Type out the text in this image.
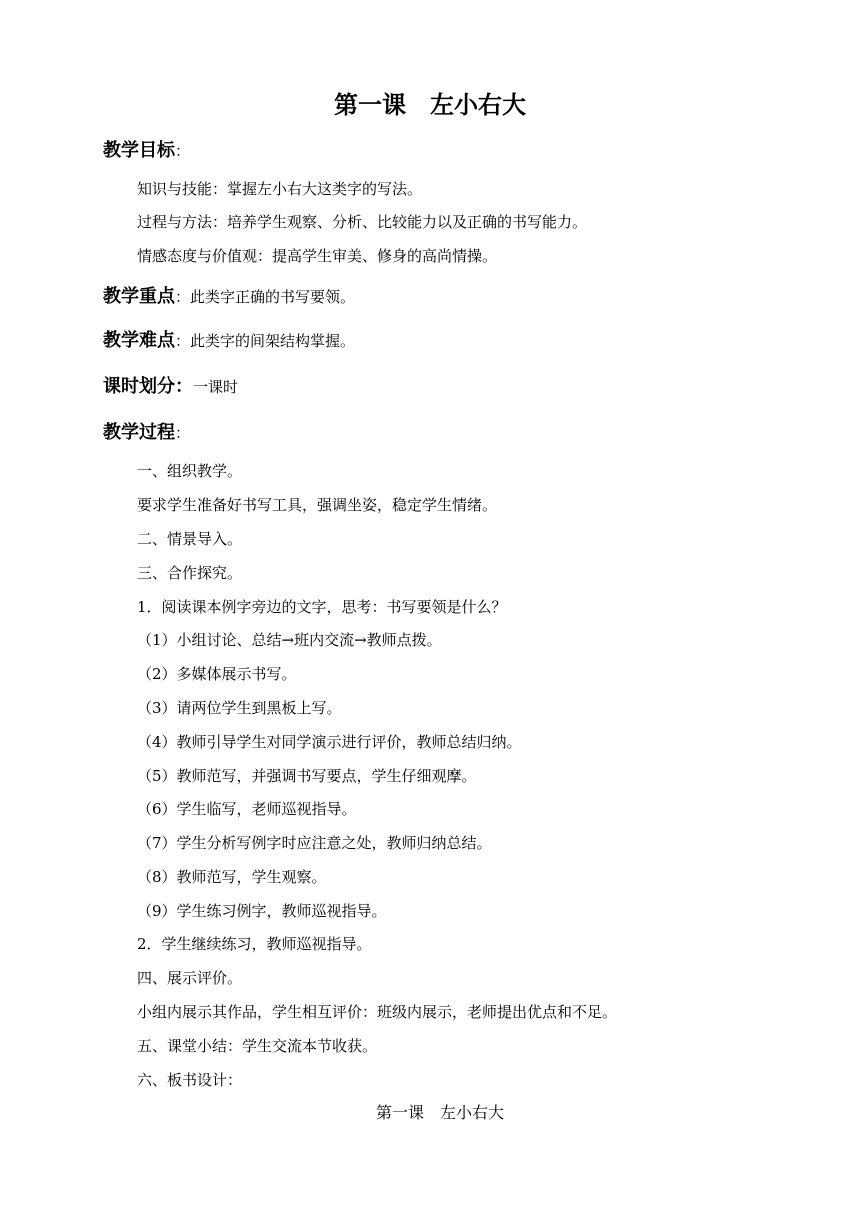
第一课　左小右大
教学目标：
知识与技能：掌握左小右大这类字的写法。
过程与方法：培养学生观察、分析、比较能力以及正确的书写能力。
情感态度与价值观：提高学生审美、修身的高尚情操。
教学重点：此类字正确的书写要领。
教学难点：此类字的间架结构掌握。
课时划分：一课时
教学过程：
一、组织教学。
要求学生准备好书写工具，强调坐姿，稳定学生情绪。
二、情景导入。
三、合作探究。
1．阅读课本例字旁边的文字，思考：书写要领是什么？
（1）小组讨论、总结→班内交流→教师点拨。
（2）多媒体展示书写。
（3）请两位学生到黑板上写。
（4）教师引导学生对同学演示进行评价，教师总结归纳。
（5）教师范写，并强调书写要点，学生仔细观摩。
（6）学生临写，老师巡视指导。
（7）学生分析写例字时应注意之处，教师归纳总结。
（8）教师范写，学生观察。
（9）学生练习例字，教师巡视指导。
2．学生继续练习，教师巡视指导。
四、展示评价。
小组内展示其作品，学生相互评价：班级内展示，老师提出优点和不足。
五、课堂小结：学生交流本节收获。
六、板书设计：
第一课　左小右大
